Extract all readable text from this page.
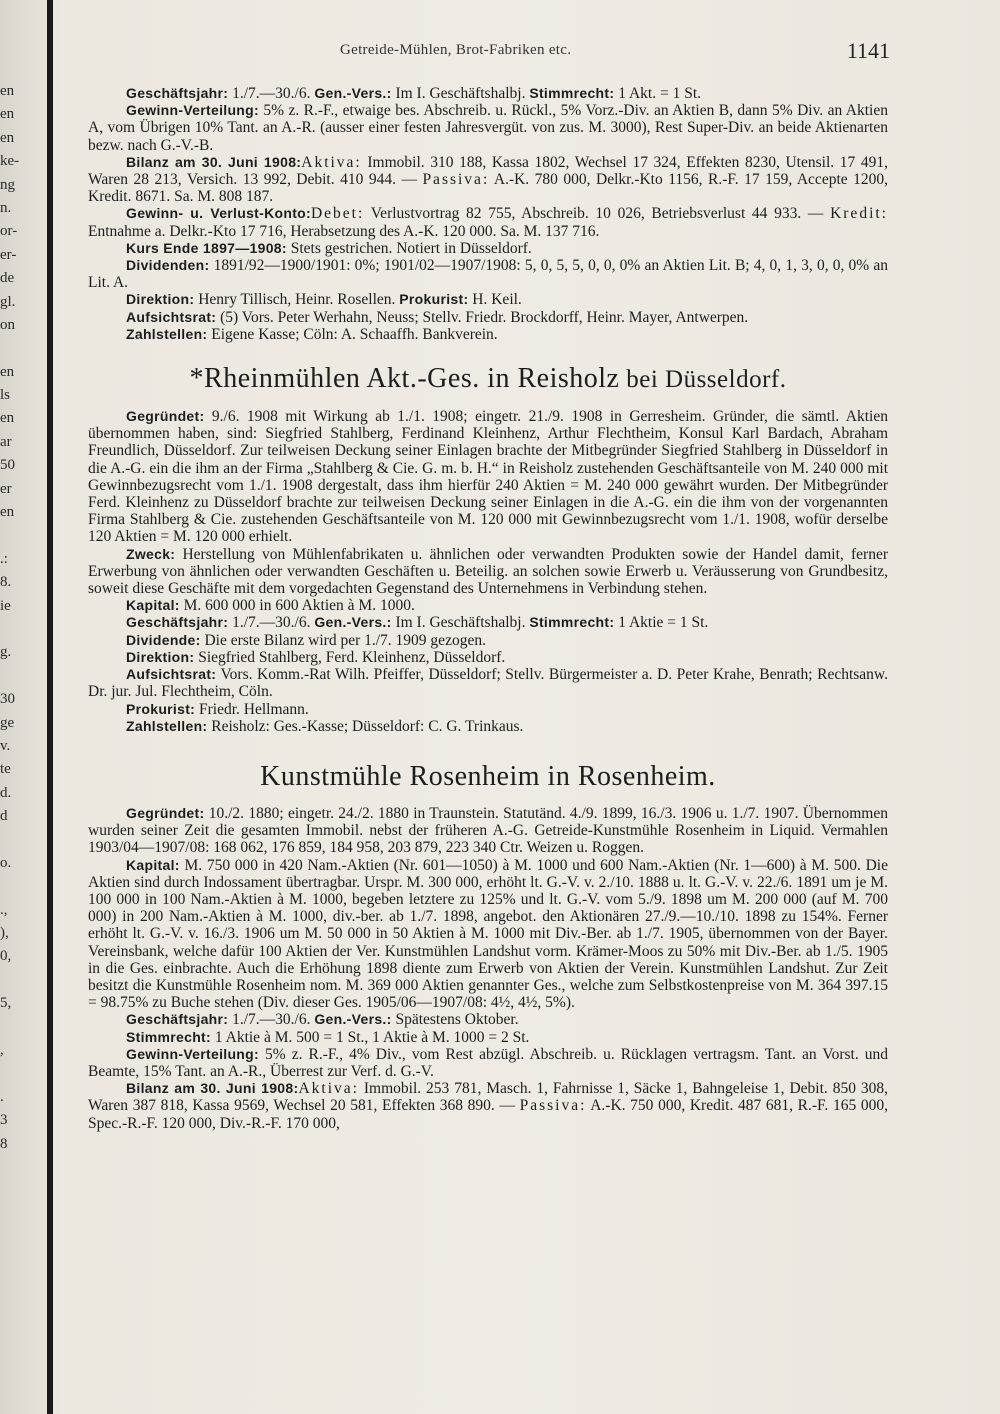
en
en
en
ke-
ng
n.
or-
er-
de
gl.
on
en
ls
en
ar
50
er
en
.:
8.
ie
g.
30
ge
v.
te
d.
d
o.
.,
),
0,
5,
,
.
3
8
Getreide-Mühlen, Brot-Fabriken etc.	1141

Geschäftsjahr: 1./7.—30./6. Gen.-Vers.: Im I. Geschäftshalbj. Stimmrecht: 1 Akt. = 1 St.

Gewinn-Verteilung: 5% z. R.-F., etwaige bes. Abschreib. u. Rückl., 5% Vorz.-Div. an Aktien B, dann 5% Div. an Aktien A, vom Übrigen 10% Tant. an A.-R. (ausser einer festen Jahresvergüt. von zus. M. 3000), Rest Super-Div. an beide Aktienarten bezw. nach G.-V.-B.

Bilanz am 30. Juni 1908:Aktiva: Immobil. 310 188, Kassa 1802, Wechsel 17 324, Effekten 8230, Utensil. 17 491, Waren 28 213, Versich. 13 992, Debit. 410 944. — Passiva: A.-K. 780 000, Delkr.-Kto 1156, R.-F. 17 159, Accepte 1200, Kredit. 8671. Sa. M. 808 187.

Gewinn- u. Verlust-Konto:Debet: Verlustvortrag 82 755, Abschreib. 10 026, Betriebsverlust 44 933. — Kredit: Entnahme a. Delkr.-Kto 17 716, Herabsetzung des A.-K. 120 000. Sa. M. 137 716.

Kurs Ende 1897—1908: Stets gestrichen. Notiert in Düsseldorf.

Dividenden: 1891/92—1900/1901: 0%; 1901/02—1907/1908: 5, 0, 5, 5, 0, 0, 0% an Aktien Lit. B; 4, 0, 1, 3, 0, 0, 0% an Lit. A.

Direktion: Henry Tillisch, Heinr. Rosellen. Prokurist: H. Keil.

Aufsichtsrat: (5) Vors. Peter Werhahn, Neuss; Stellv. Friedr. Brockdorff, Heinr. Mayer, Antwerpen.

Zahlstellen: Eigene Kasse; Cöln: A. Schaaffh. Bankverein.

*Rheinmühlen Akt.-Ges. in Reisholz bei Düsseldorf.

Gegründet: 9./6. 1908 mit Wirkung ab 1./1. 1908; eingetr. 21./9. 1908 in Gerresheim. Gründer, die sämtl. Aktien übernommen haben, sind: Siegfried Stahlberg, Ferdinand Kleinhenz, Arthur Flechtheim, Konsul Karl Bardach, Abraham Freundlich, Düsseldorf. Zur teilweisen Deckung seiner Einlagen brachte der Mitbegründer Siegfried Stahlberg in Düsseldorf in die A.-G. ein die ihm an der Firma „Stahlberg & Cie. G. m. b. H.“ in Reisholz zustehenden Geschäftsanteile von M. 240 000 mit Gewinnbezugsrecht vom 1./1. 1908 dergestalt, dass ihm hierfür 240 Aktien = M. 240 000 gewährt wurden. Der Mitbegründer Ferd. Kleinhenz zu Düsseldorf brachte zur teilweisen Deckung seiner Einlagen in die A.-G. ein die ihm von der vorgenannten Firma Stahlberg & Cie. zustehenden Geschäftsanteile von M. 120 000 mit Gewinnbezugsrecht vom 1./1. 1908, wofür derselbe 120 Aktien = M. 120 000 erhielt.

Zweck: Herstellung von Mühlenfabrikaten u. ähnlichen oder verwandten Produkten sowie der Handel damit, ferner Erwerbung von ähnlichen oder verwandten Geschäften u. Beteilig. an solchen sowie Erwerb u. Veräusserung von Grundbesitz, soweit diese Geschäfte mit dem vorgedachten Gegenstand des Unternehmens in Verbindung stehen.

Kapital: M. 600 000 in 600 Aktien à M. 1000.

Geschäftsjahr: 1./7.—30./6. Gen.-Vers.: Im I. Geschäftshalbj. Stimmrecht: 1 Aktie = 1 St.

Dividende: Die erste Bilanz wird per 1./7. 1909 gezogen.

Direktion: Siegfried Stahlberg, Ferd. Kleinhenz, Düsseldorf.

Aufsichtsrat: Vors. Komm.-Rat Wilh. Pfeiffer, Düsseldorf; Stellv. Bürgermeister a. D. Peter Krahe, Benrath; Rechtsanw. Dr. jur. Jul. Flechtheim, Cöln.

Prokurist: Friedr. Hellmann.

Zahlstellen: Reisholz: Ges.-Kasse; Düsseldorf: C. G. Trinkaus.

Kunstmühle Rosenheim in Rosenheim.

Gegründet: 10./2. 1880; eingetr. 24./2. 1880 in Traunstein. Statutänd. 4./9. 1899, 16./3. 1906 u. 1./7. 1907. Übernommen wurden seiner Zeit die gesamten Immobil. nebst der früheren A.-G. Getreide-Kunstmühle Rosenheim in Liquid. Vermahlen 1903/04—1907/08: 168 062, 176 859, 184 958, 203 879, 223 340 Ctr. Weizen u. Roggen.

Kapital: M. 750 000 in 420 Nam.-Aktien (Nr. 601—1050) à M. 1000 und 600 Nam.-Aktien (Nr. 1—600) à M. 500. Die Aktien sind durch Indossament übertragbar. Urspr. M. 300 000, erhöht lt. G.-V. v. 2./10. 1888 u. lt. G.-V. v. 22./6. 1891 um je M. 100 000 in 100 Nam.-Aktien à M. 1000, begeben letztere zu 125% und lt. G.-V. vom 5./9. 1898 um M. 200 000 (auf M. 700 000) in 200 Nam.-Aktien à M. 1000, div.-ber. ab 1./7. 1898, angebot. den Aktionären 27./9.—10./10. 1898 zu 154%. Ferner erhöht lt. G.-V. v. 16./3. 1906 um M. 50 000 in 50 Aktien à M. 1000 mit Div.-Ber. ab 1./7. 1905, übernommen von der Bayer. Vereinsbank, welche dafür 100 Aktien der Ver. Kunstmühlen Landshut vorm. Krämer-Moos zu 50% mit Div.-Ber. ab 1./5. 1905 in die Ges. einbrachte. Auch die Erhöhung 1898 diente zum Erwerb von Aktien der Verein. Kunstmühlen Landshut. Zur Zeit besitzt die Kunstmühle Rosenheim nom. M. 369 000 Aktien genannter Ges., welche zum Selbstkostenpreise von M. 364 397.15 = 98.75% zu Buche stehen (Div. dieser Ges. 1905/06—1907/08: 4½, 4½, 5%).

Geschäftsjahr: 1./7.—30./6. Gen.-Vers.: Spätestens Oktober.

Stimmrecht: 1 Aktie à M. 500 = 1 St., 1 Aktie à M. 1000 = 2 St.

Gewinn-Verteilung: 5% z. R.-F., 4% Div., vom Rest abzügl. Abschreib. u. Rücklagen vertragsm. Tant. an Vorst. und Beamte, 15% Tant. an A.-R., Überrest zur Verf. d. G.-V.

Bilanz am 30. Juni 1908:Aktiva: Immobil. 253 781, Masch. 1, Fahrnisse 1, Säcke 1, Bahngeleise 1, Debit. 850 308, Waren 387 818, Kassa 9569, Wechsel 20 581, Effekten 368 890. — Passiva: A.-K. 750 000, Kredit. 487 681, R.-F. 165 000, Spec.-R.-F. 120 000, Div.-R.-F. 170 000,
